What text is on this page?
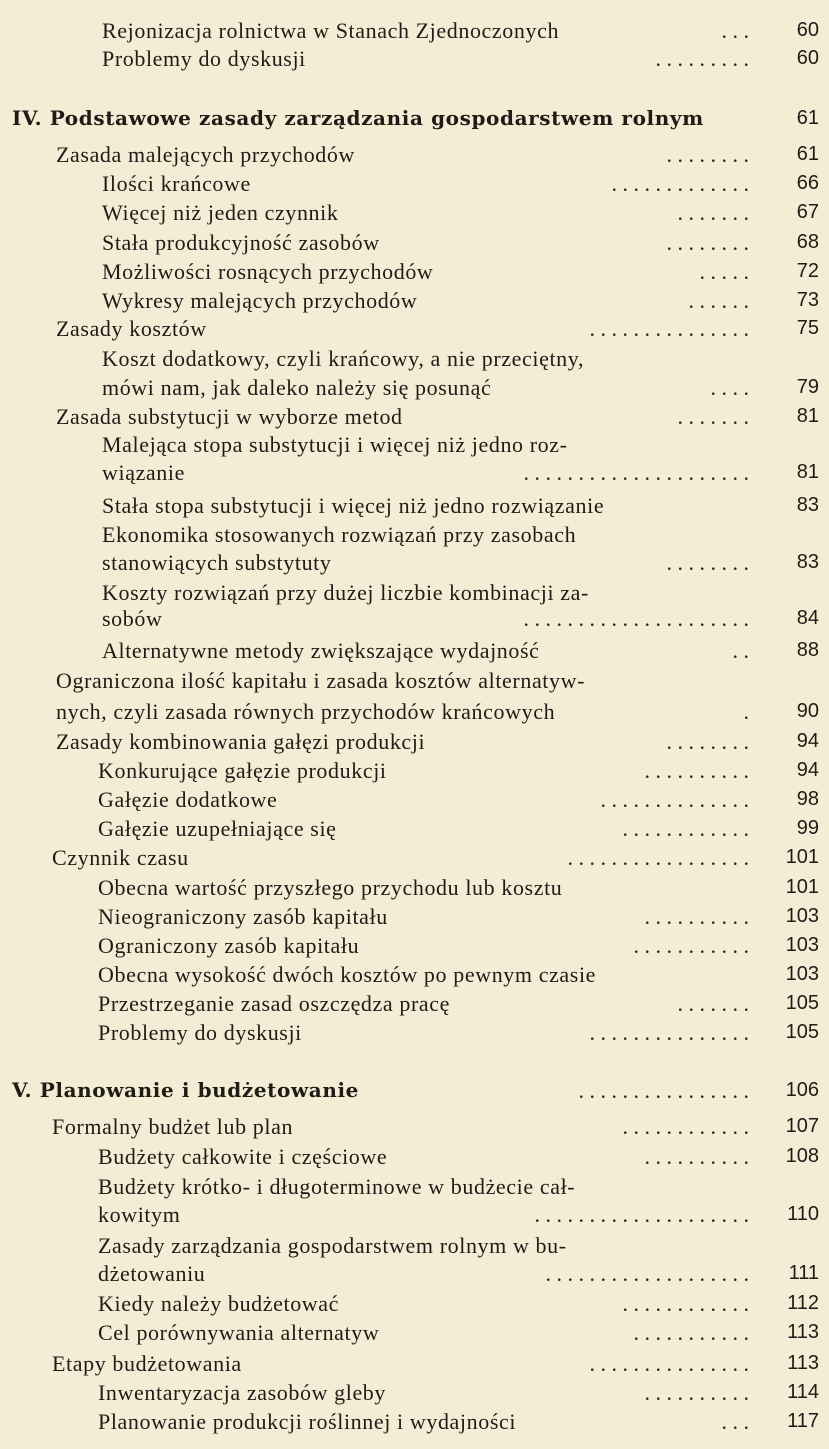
Rejonizacja rolnictwa w Stanach Zjednoczonych	. . .	60
Problemy do dyskusji	. . . . . . . . .	60
IV. Podstawowe zasady zarządzania gospodarstwem rolnym	61
Zasada malejących przychodów	. . . . . . . .	61
Ilości krańcowe	. . . . . . . . . . . . .	66
Więcej niż jeden czynnik	. . . . . . .	67
Stała produkcyjność zasobów	. . . . . . . .	68
Możliwości rosnących przychodów	. . . . .	72
Wykresy malejących przychodów	. . . . . .	73
Zasady kosztów	. . . . . . . . . . . . . . .	75
Koszt dodatkowy, czyli krańcowy, a nie przeciętny,
mówi nam, jak daleko należy się posunąć	. . . .	79
Zasada substytucji w wyborze metod	. . . . . . .	81
Malejąca stopa substytucji i więcej niż jedno roz-
wiązanie	. . . . . . . . . . . . . . . . . . . . .	81
Stała stopa substytucji i więcej niż jedno rozwiązanie	83
Ekonomika stosowanych rozwiązań przy zasobach
stanowiących substytuty	. . . . . . . .	83
Koszty rozwiązań przy dużej liczbie kombinacji za-
sobów	. . . . . . . . . . . . . . . . . . . . .	84
Alternatywne metody zwiększające wydajność	. .	88
Ograniczona ilość kapitału i zasada kosztów alternatyw-
nych, czyli zasada równych przychodów krańcowych	.	90
Zasady kombinowania gałęzi produkcji	. . . . . . . .	94
Konkurujące gałęzie produkcji	. . . . . . . . . .	94
Gałęzie dodatkowe	. . . . . . . . . . . . . .	98
Gałęzie uzupełniające się	. . . . . . . . . . . .	99
Czynnik czasu	. . . . . . . . . . . . . . . . .	101
Obecna wartość przyszłego przychodu lub kosztu	101
Nieograniczony zasób kapitału	. . . . . . . . . .	103
Ograniczony zasób kapitału	. . . . . . . . . . .	103
Obecna wysokość dwóch kosztów po pewnym czasie	103
Przestrzeganie zasad oszczędza pracę	. . . . . . .	105
Problemy do dyskusji	. . . . . . . . . . . . . . .	105
V. Planowanie i budżetowanie	. . . . . . . . . . . . . . . .	106
Formalny budżet lub plan	. . . . . . . . . . . .	107
Budżety całkowite i częściowe	. . . . . . . . . .	108
Budżety krótko- i długoterminowe w budżecie cał-
kowitym	. . . . . . . . . . . . . . . . . . . .	110
Zasady zarządzania gospodarstwem rolnym w bu-
dżetowaniu	. . . . . . . . . . . . . . . . . . .	111
Kiedy należy budżetować	. . . . . . . . . . . .	112
Cel porównywania alternatyw	. . . . . . . . . . .	113
Etapy budżetowania	. . . . . . . . . . . . . . .	113
Inwentaryzacja zasobów gleby	. . . . . . . . . .	114
Planowanie produkcji roślinnej i wydajności	. . .	117
